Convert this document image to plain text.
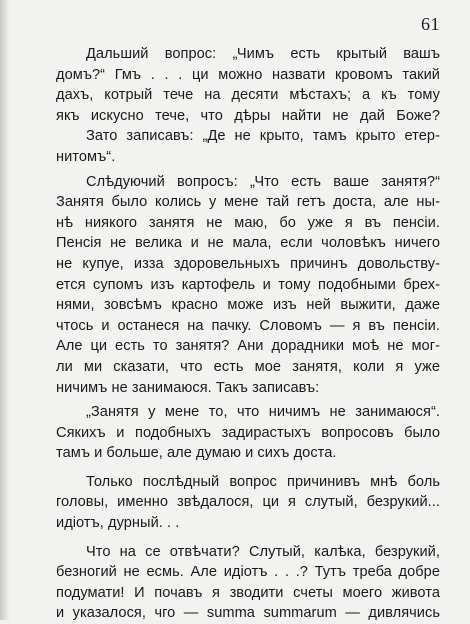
61
Дальший вопрос: „Чимъ есть крытый вашъ
домъ?“ Гмъ . . . ци можно назвати кровомъ такий
дахъ, котрый тече на десяти мѣстахъ; а къ тому
якъ искусно тече, что дѣры найти не дай Боже?
Зато записавъ: „Де не крыто, тамъ крыто етер-
нитомъ“.
Слѣдуючий вопросъ: „Что есть ваше занятя?“
Занятя было колись у мене тай гетъ доста, але ны-
нѣ ниякого занятя не маю, бо уже я въ пенсіи.
Пенсія не велика и не мала, если чоловѣкъ ничего
не купуе, изза здоровельныхъ причинъ довольству-
ется супомъ изъ картофель и тому подобными брех-
нями, зовсѣмъ красно може изъ ней выжити, даже
чтось и останеся на пачку. Словомъ — я въ пенсіи.
Але ци есть то занятя? Ани дорадники моѣ не мог-
ли ми сказати, что есть мое занятя, коли я уже
ничимъ не занимаюся. Такъ записавъ:
„Занятя у мене то, что ничимъ не занимаюся“.
Сякихъ и подобныхъ задирастыхъ вопросовъ было
тамъ и больше, але думаю и сихъ доста.
Только послѣдный вопрос причинивъ мнѣ боль
головы, именно звѣдалося, ци я слутый, безрукий...
идіотъ, дурный. . .
Что на се отвѣчати? Слутый, калѣка, безрукий,
безногий не есмь. Але идіотъ . . .? Тутъ треба добре
подумати! И почавъ я зводити счеты моего живота
и указалося, чго — summa summarum — дивлячись
